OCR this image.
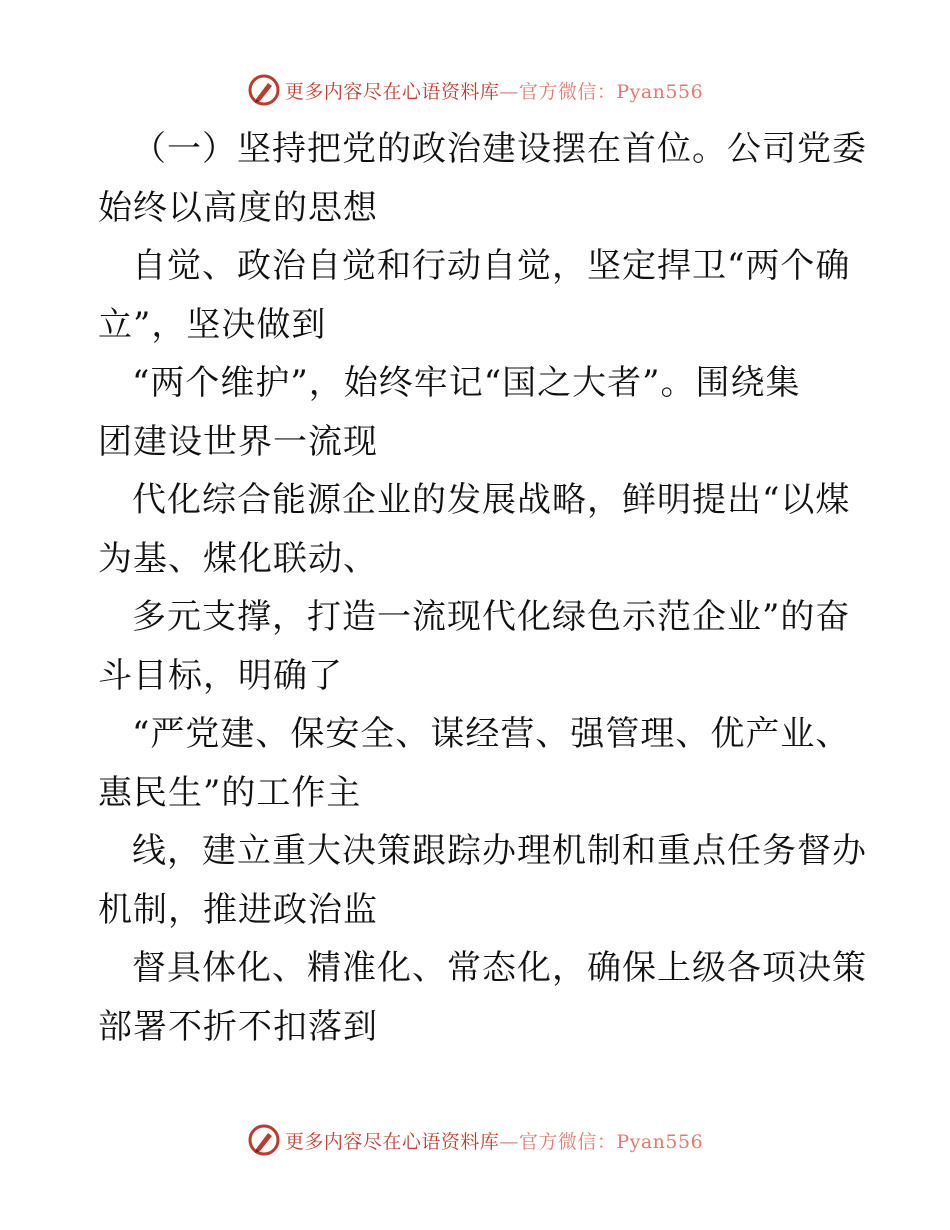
更多内容尽在心语资料库—官方微信：Pyan556
（一）坚持把党的政治建设摆在首位。公司党委
始终以高度的思想
自觉、政治自觉和行动自觉，坚定捍卫“两个确
立”，坚决做到
“两个维护”，始终牢记“国之大者”。围绕集
团建设世界一流现
代化综合能源企业的发展战略，鲜明提出“以煤
为基、煤化联动、
多元支撑，打造一流现代化绿色示范企业”的奋
斗目标，明确了
“严党建、保安全、谋经营、强管理、优产业、
惠民生”的工作主
线，建立重大决策跟踪办理机制和重点任务督办
机制，推进政治监
督具体化、精准化、常态化，确保上级各项决策
部署不折不扣落到
更多内容尽在心语资料库—官方微信：Pyan556
